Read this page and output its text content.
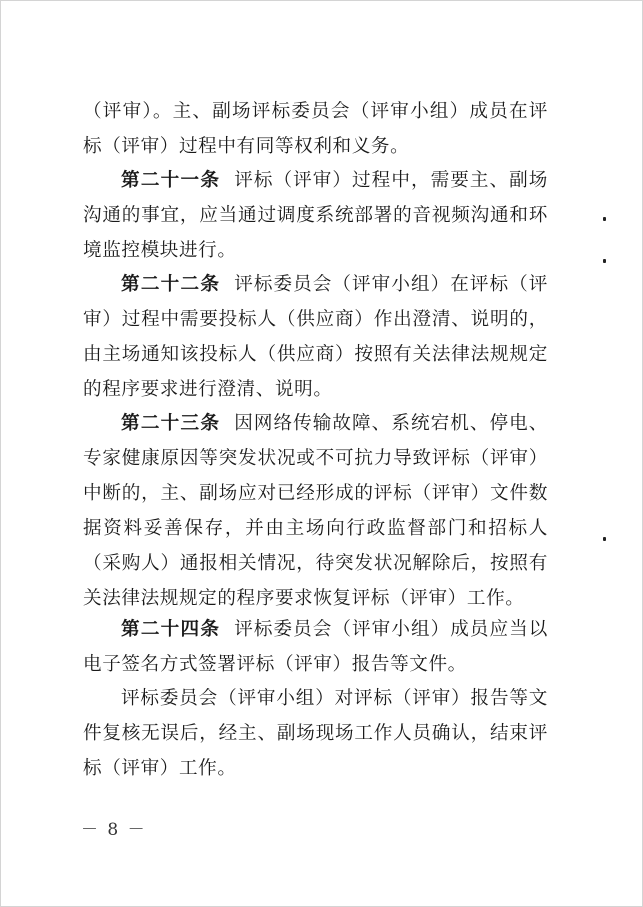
（评审）。主、副场评标委员会（评审小组）成员在评标（评审）过程中有同等权利和义务。

第二十一条 评标（评审）过程中，需要主、副场沟通的事宜，应当通过调度系统部署的音视频沟通和环境监控模块进行。

第二十二条 评标委员会（评审小组）在评标（评审）过程中需要投标人（供应商）作出澄清、说明的，由主场通知该投标人（供应商）按照有关法律法规规定的程序要求进行澄清、说明。

第二十三条 因网络传输故障、系统宕机、停电、专家健康原因等突发状况或不可抗力导致评标（评审）中断的，主、副场应对已经形成的评标（评审）文件数据资料妥善保存，并由主场向行政监督部门和招标人（采购人）通报相关情况，待突发状况解除后，按照有关法律法规规定的程序要求恢复评标（评审）工作。

第二十四条 评标委员会（评审小组）成员应当以电子签名方式签署评标（评审）报告等文件。

评标委员会（评审小组）对评标（评审）报告等文件复核无误后，经主、副场现场工作人员确认，结束评标（评审）工作。

－ 8 －
